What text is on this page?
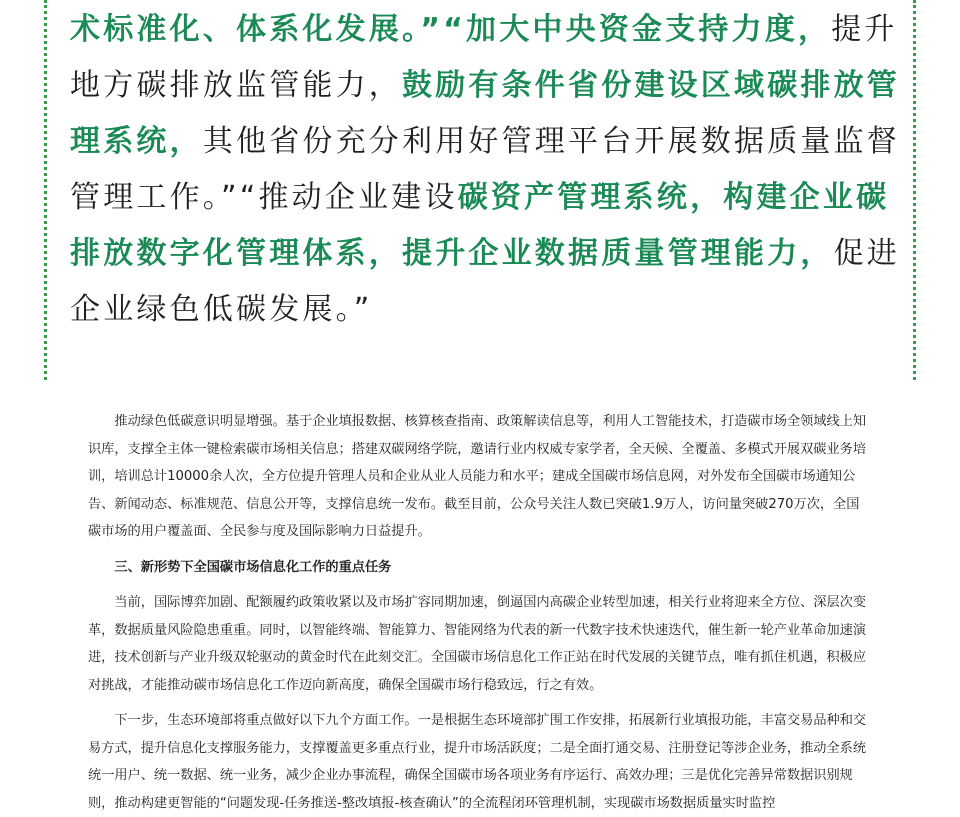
术标准化、体系化发展。”“加大中央资金支持力度，提升地方碳排放监管能力，鼓励有条件省份建设区域碳排放管理系统，其他省份充分利用好管理平台开展数据质量监督管理工作。”“推动企业建设碳资产管理系统，构建企业碳排放数字化管理体系，提升企业数据质量管理能力，促进企业绿色低碳发展。”

推动绿色低碳意识明显增强。基于企业填报数据、核算核查指南、政策解读信息等，利用人工智能技术，打造碳市场全领域线上知识库，支撑全主体一键检索碳市场相关信息；搭建双碳网络学院，邀请行业内权威专家学者，全天候、全覆盖、多模式开展双碳业务培训，培训总计10000余人次，全方位提升管理人员和企业从业人员能力和水平；建成全国碳市场信息网，对外发布全国碳市场通知公告、新闻动态、标准规范、信息公开等，支撑信息统一发布。截至目前，公众号关注人数已突破1.9万人，访问量突破270万次，全国碳市场的用户覆盖面、全民参与度及国际影响力日益提升。

三、新形势下全国碳市场信息化工作的重点任务

当前，国际博弈加剧、配额履约政策收紧以及市场扩容同期加速，倒逼国内高碳企业转型加速，相关行业将迎来全方位、深层次变革，数据质量风险隐患重重。同时，以智能终端、智能算力、智能网络为代表的新一代数字技术快速迭代，催生新一轮产业革命加速演进，技术创新与产业升级双轮驱动的黄金时代在此刻交汇。全国碳市场信息化工作正站在时代发展的关键节点，唯有抓住机遇，积极应对挑战，才能推动碳市场信息化工作迈向新高度，确保全国碳市场行稳致远，行之有效。

下一步，生态环境部将重点做好以下九个方面工作。一是根据生态环境部扩围工作安排，拓展新行业填报功能，丰富交易品种和交易方式，提升信息化支撑服务能力，支撑覆盖更多重点行业，提升市场活跃度；二是全面打通交易、注册登记等涉企业务，推动全系统统一用户、统一数据、统一业务，减少企业办事流程，确保全国碳市场各项业务有序运行、高效办理；三是优化完善异常数据识别规则，推动构建更智能的“问题发现-任务推送-整改填报-核查确认”的全流程闭环管理机制，实现碳市场数据质量实时监控
